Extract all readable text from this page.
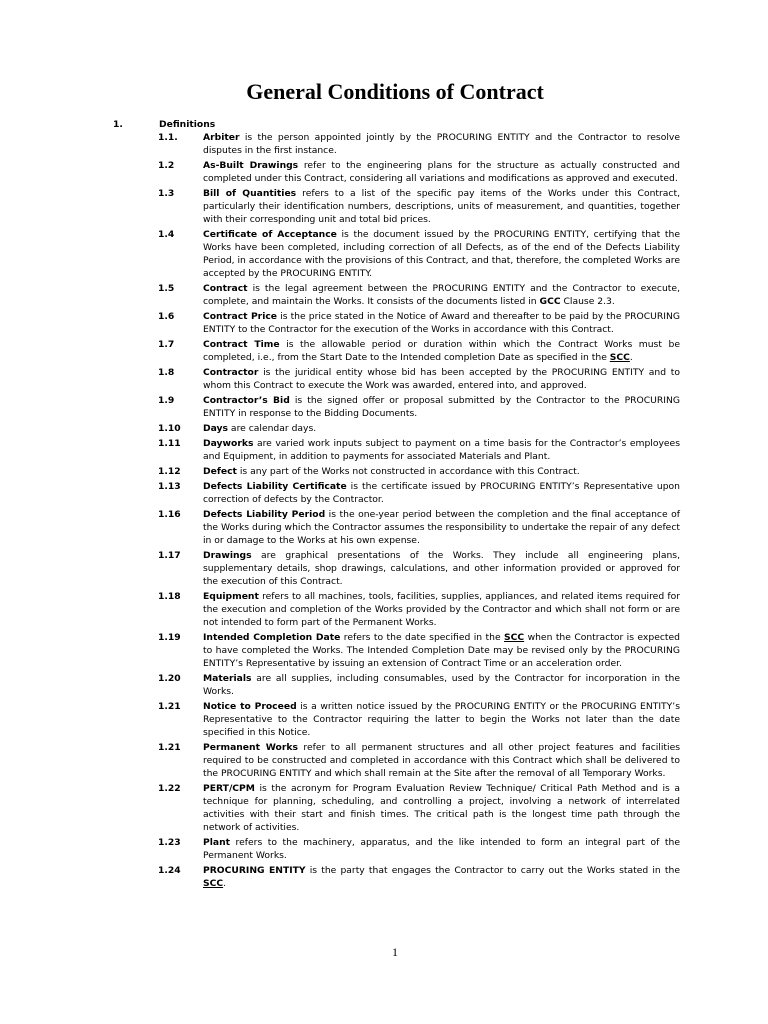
General Conditions of Contract
1.	Definitions
1.1.	Arbiter is the person appointed jointly by the PROCURING ENTITY and the Contractor to resolve disputes in the first instance.
1.2	As-Built Drawings refer to the engineering plans for the structure as actually constructed and completed under this Contract, considering all variations and modifications as approved and executed.
1.3	Bill of Quantities refers to a list of the specific pay items of the Works under this Contract, particularly their identification numbers, descriptions, units of measurement, and quantities, together with their corresponding unit and total bid prices.
1.4	Certificate of Acceptance is the document issued by the PROCURING ENTITY, certifying that the Works have been completed, including correction of all Defects, as of the end of the Defects Liability Period, in accordance with the provisions of this Contract, and that, therefore, the completed Works are accepted by the PROCURING ENTITY.
1.5	Contract is the legal agreement between the PROCURING ENTITY and the Contractor to execute, complete, and maintain the Works. It consists of the documents listed in GCC Clause 2.3.
1.6	Contract Price is the price stated in the Notice of Award and thereafter to be paid by the PROCURING ENTITY to the Contractor for the execution of the Works in accordance with this Contract.
1.7	Contract Time is the allowable period or duration within which the Contract Works must be completed, i.e., from the Start Date to the Intended completion Date as specified in the SCC.
1.8	Contractor is the juridical entity whose bid has been accepted by the PROCURING ENTITY and to whom this Contract to execute the Work was awarded, entered into, and approved.
1.9	Contractor’s Bid is the signed offer or proposal submitted by the Contractor to the PROCURING ENTITY in response to the Bidding Documents.
1.10 Days are calendar days.
1.11 Dayworks are varied work inputs subject to payment on a time basis for the Contractor’s employees and Equipment, in addition to payments for associated Materials and Plant.
1.12 Defect is any part of the Works not constructed in accordance with this Contract.
1.13 Defects Liability Certificate is the certificate issued by PROCURING ENTITY’s Representative upon correction of defects by the Contractor.
1.16 Defects Liability Period is the one-year period between the completion and the final acceptance of the Works during which the Contractor assumes the responsibility to undertake the repair of any defect in or damage to the Works at his own expense.
1.17 Drawings are graphical presentations of the Works. They include all engineering plans, supplementary details, shop drawings, calculations, and other information provided or approved for the execution of this Contract.
1.18 Equipment refers to all machines, tools, facilities, supplies, appliances, and related items required for the execution and completion of the Works provided by the Contractor and which shall not form or are not intended to form part of the Permanent Works.
1.19 Intended Completion Date refers to the date specified in the SCC when the Contractor is expected to have completed the Works. The Intended Completion Date may be revised only by the PROCURING ENTITY’s Representative by issuing an extension of Contract Time or an acceleration order.
1.20 Materials are all supplies, including consumables, used by the Contractor for incorporation in the Works.
1.21 Notice to Proceed is a written notice issued by the PROCURING ENTITY or the PROCURING ENTITY’s Representative to the Contractor requiring the latter to begin the Works not later than the date specified in this Notice.
1.21 Permanent Works refer to all permanent structures and all other project features and facilities required to be constructed and completed in accordance with this Contract which shall be delivered to the PROCURING ENTITY and which shall remain at the Site after the removal of all Temporary Works.
1.22 PERT/CPM is the acronym for Program Evaluation Review Technique/ Critical Path Method and is a technique for planning, scheduling, and controlling a project, involving a network of interrelated activities with their start and finish times. The critical path is the longest time path through the network of activities.
1.23 Plant refers to the machinery, apparatus, and the like intended to form an integral part of the Permanent Works.
1.24 PROCURING ENTITY is the party that engages the Contractor to carry out the Works stated in the SCC.
1
